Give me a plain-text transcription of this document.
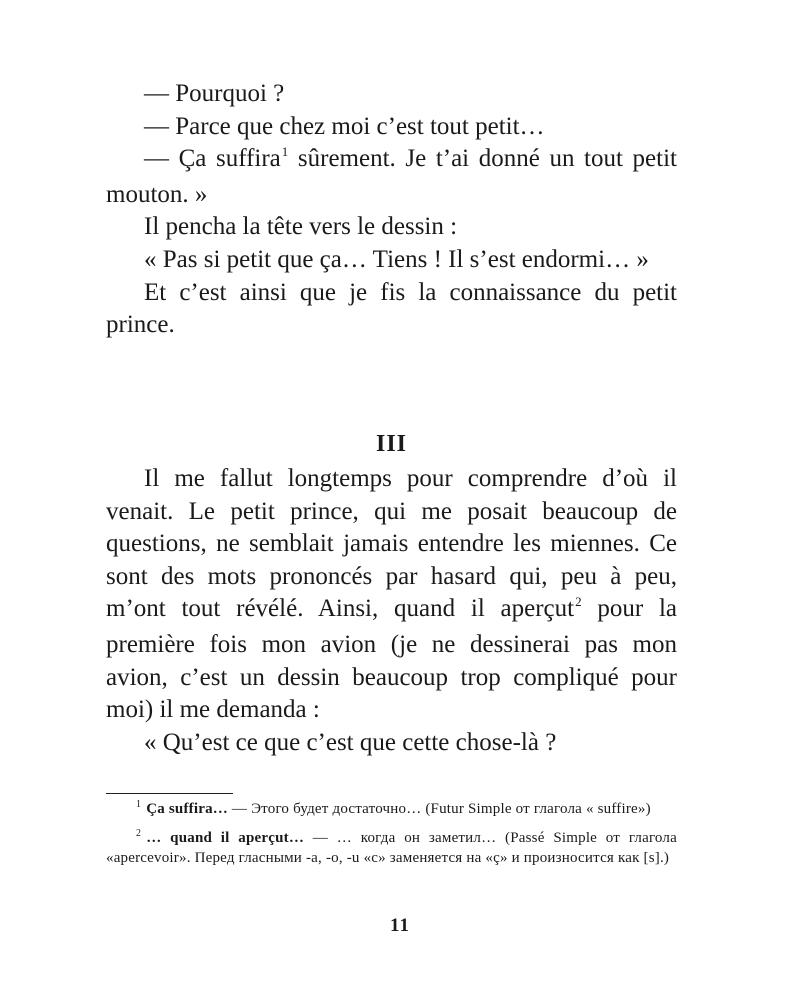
— Pourquoi ?

— Parce que chez moi c’est tout petit…

— Ça suffira$^1$ sûrement. Je t’ai donné un tout petit mouton. »

Il pencha la tête vers le dessin :

« Pas si petit que ça… Tiens ! Il s’est endormi… »

Et c’est ainsi que je fis la connaissance du petit prince.

III

Il me fallut longtemps pour comprendre d’où il venait. Le petit prince, qui me posait beaucoup de questions, ne semblait jamais entendre les miennes. Ce sont des mots prononcés par hasard qui, peu à peu, m’ont tout révélé. Ainsi, quand il aperçut$^2$ pour la première fois mon avion (je ne dessinerai pas mon avion, c’est un dessin beaucoup trop compliqué pour moi) il me demanda :

« Qu’est ce que c’est que cette chose-là ?

$^1$ Ça suffira… — Этого будет достаточно… (Futur Simple от глагола « suffire»)

$^2$ … quand il aperçut… — … когда он заметил… (Passé Simple от глагола «apercevoir». Перед гласными -a, -o, -u «c» заменяется на «ç» и произносится как [s].)

11
